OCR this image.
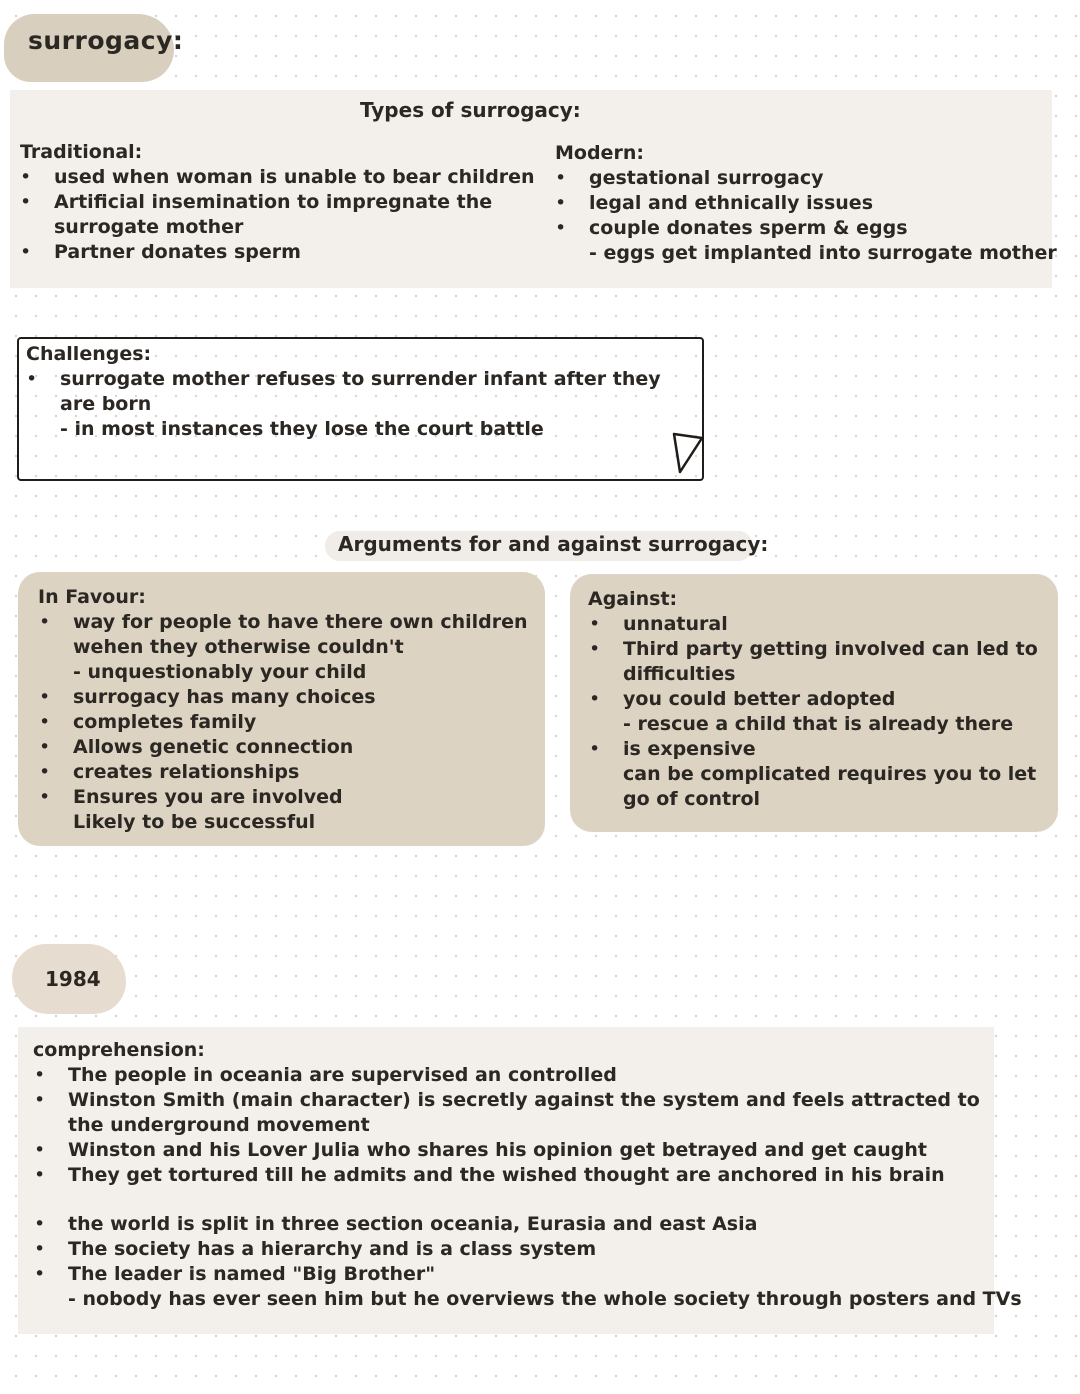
surrogacy:
Types of surrogacy:
Traditional:
• used when woman is unable to bear children
• Artificial insemination to impregnate the
surrogate mother
• Partner donates sperm
Modern:
• gestational surrogacy
• legal and ethnically issues
• couple donates sperm & eggs
- eggs get implanted into surrogate mother
Challenges:
• surrogate mother refuses to surrender infant after they
are born
- in most instances they lose the court battle
Arguments for and against surrogacy:
In Favour:
• way for people to have there own children
wehen they otherwise couldn't
- unquestionably your child
• surrogacy has many choices
• completes family
• Allows genetic connection
• creates relationships
• Ensures you are involved
Likely to be successful
Against:
• unnatural
• Third party getting involved can led to
difficulties
• you could better adopted
- rescue a child that is already there
• is expensive
can be complicated requires you to let
go of control
1984
comprehension:
• The people in oceania are supervised an controlled
• Winston Smith (main character) is secretly against the system and feels attracted to
the underground movement
• Winston and his Lover Julia who shares his opinion get betrayed and get caught
• They get tortured till he admits and the wished thought are anchored in his brain
• the world is split in three section oceania, Eurasia and east Asia
• The society has a hierarchy and is a class system
• The leader is named "Big Brother"
- nobody has ever seen him but he overviews the whole society through posters and TVs
